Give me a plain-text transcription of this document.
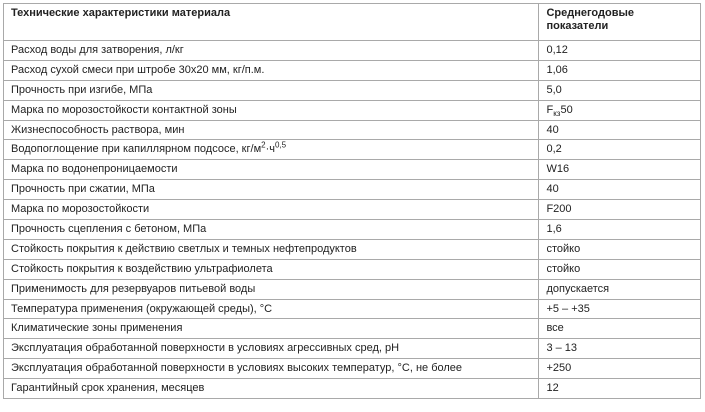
Технические характеристики материала	Среднегодовые
показатели
Расход воды для затворения, л/кг	0,12
Расход сухой смеси при штробе 30x20 мм, кг/п.м.	1,06
Прочность при изгибе, МПа	5,0
Марка по морозостойкости контактной зоны	$F_{кз}50$
Жизнеспособность раствора, мин	40
Водопоглощение при капиллярном подсосе, $кг/м^2\cdot ч^{0,5}$	0,2
Марка по водонепроницаемости	W16
Прочность при сжатии, МПа	40
Марка по морозостойкости	F200
Прочность сцепления с бетоном, МПа	1,6
Стойкость покрытия к действию светлых и темных нефтепродуктов	стойко
Стойкость покрытия к воздействию ультрафиолета	стойко
Применимость для резервуаров питьевой воды	допускается
Температура применения (окружающей среды), °С	+5 – +35
Климатические зоны применения	все
Эксплуатация обработанной поверхности в условиях агрессивных сред, pH	3 – 13
Эксплуатация обработанной поверхности в условиях высоких температур, °С, не более	+250
Гарантийный срок хранения, месяцев	12
